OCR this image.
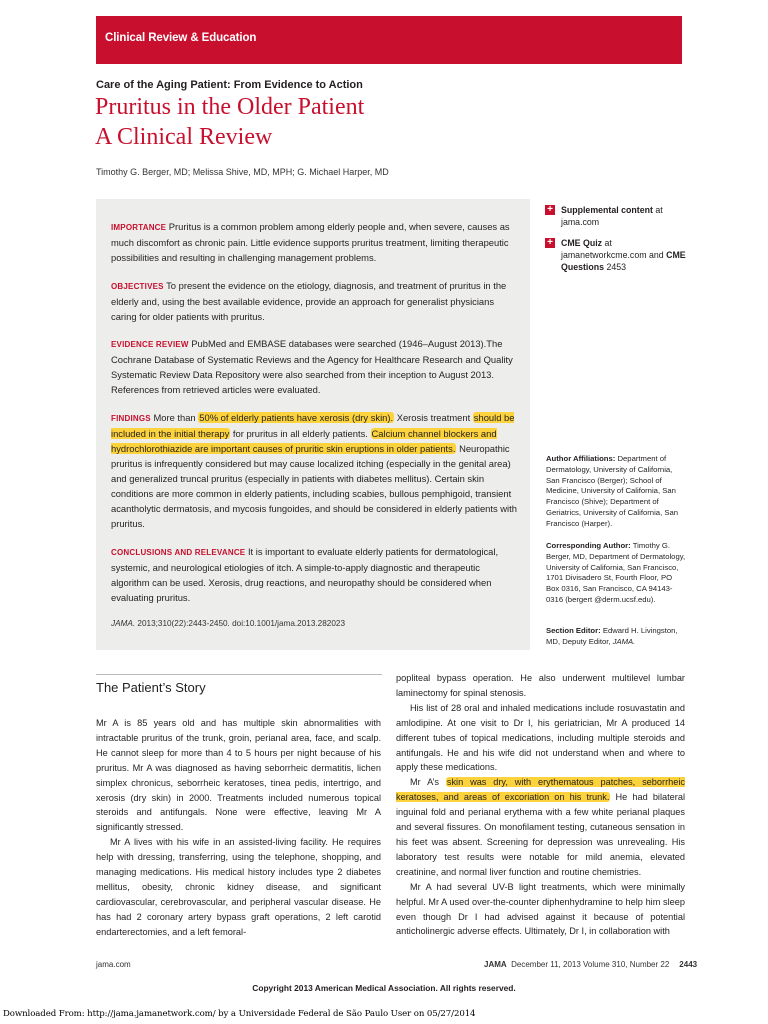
Clinical Review & Education
Care of the Aging Patient: From Evidence to Action
Pruritus in the Older Patient
A Clinical Review
Timothy G. Berger, MD; Melissa Shive, MD, MPH; G. Michael Harper, MD

IMPORTANCE Pruritus is a common problem among elderly people and, when severe, causes as much discomfort as chronic pain. Little evidence supports pruritus treatment, limiting therapeutic possibilities and resulting in challenging management problems.

OBJECTIVES To present the evidence on the etiology, diagnosis, and treatment of pruritus in the elderly and, using the best available evidence, provide an approach for generalist physicians caring for older patients with pruritus.

EVIDENCE REVIEW PubMed and EMBASE databases were searched (1946–August 2013).The Cochrane Database of Systematic Reviews and the Agency for Healthcare Research and Quality Systematic Review Data Repository were also searched from their inception to August 2013. References from retrieved articles were evaluated.

FINDINGS More than 50% of elderly patients have xerosis (dry skin). Xerosis treatment should be included in the initial therapy for pruritus in all elderly patients. Calcium channel blockers and hydrochlorothiazide are important causes of pruritic skin eruptions in older patients. Neuropathic pruritus is infrequently considered but may cause localized itching (especially in the genital area) and generalized truncal pruritus (especially in patients with diabetes mellitus). Certain skin conditions are more common in elderly patients, including scabies, bullous pemphigoid, transient acantholytic dermatosis, and mycosis fungoides, and should be considered in elderly patients with pruritus.

CONCLUSIONS AND RELEVANCE It is important to evaluate elderly patients for dermatological, systemic, and neurological etiologies of itch. A simple-to-apply diagnostic and therapeutic algorithm can be used. Xerosis, drug reactions, and neuropathy should be considered when evaluating pruritus.

JAMA. 2013;310(22):2443-2450. doi:10.1001/jama.2013.282023
+ Supplemental content at jama.com
+ CME Quiz at jamanetworkcme.com and CME Questions 2453

Author Affiliations: Department of Dermatology, University of California, San Francisco (Berger); School of Medicine, University of California, San Francisco (Shive); Department of Geriatrics, University of California, San Francisco (Harper).

Corresponding Author: Timothy G. Berger, MD, Department of Dermatology, University of California, San Francisco, 1701 Divisadero St, Fourth Floor, PO Box 0316, San Francisco, CA 94143-0316 (bergert @derm.ucsf.edu).

Section Editor: Edward H. Livingston, MD, Deputy Editor, JAMA.

The Patient’s Story

Mr A is 85 years old and has multiple skin abnormalities with intractable pruritus of the trunk, groin, perianal area, face, and scalp. He cannot sleep for more than 4 to 5 hours per night because of his pruritus. Mr A was diagnosed as having seborrheic dermatitis, lichen simplex chronicus, seborrheic keratoses, tinea pedis, intertrigo, and xerosis (dry skin) in 2000. Treatments included numerous topical steroids and antifungals. None were effective, leaving Mr A significantly stressed.

Mr A lives with his wife in an assisted-living facility. He requires help with dressing, transferring, using the telephone, shopping, and managing medications. His medical history includes type 2 diabetes mellitus, obesity, chronic kidney disease, and significant cardiovascular, cerebrovascular, and peripheral vascular disease. He has had 2 coronary artery bypass graft operations, 2 left carotid endarterectomies, and a left femoral-

popliteal bypass operation. He also underwent multilevel lumbar laminectomy for spinal stenosis.

His list of 28 oral and inhaled medications include rosuvastatin and amlodipine. At one visit to Dr I, his geriatrician, Mr A produced 14 different tubes of topical medications, including multiple steroids and antifungals. He and his wife did not understand when and where to apply these medications.

Mr A’s skin was dry, with erythematous patches, seborrheic keratoses, and areas of excoriation on his trunk. He had bilateral inguinal fold and perianal erythema with a few white perianal plaques and several fissures. On monofilament testing, cutaneous sensation in his feet was absent. Screening for depression was unrevealing. His laboratory test results were notable for mild anemia, elevated creatinine, and normal liver function and routine chemistries.

Mr A had several UV-B light treatments, which were minimally helpful. Mr A used over-the-counter diphenhydramine to help him sleep even though Dr I had advised against it because of potential anticholinergic adverse effects. Ultimately, Dr I, in collaboration with

jama.com	JAMA December 11, 2013 Volume 310, Number 22 2443
Copyright 2013 American Medical Association. All rights reserved.
Downloaded From: http://jama.jamanetwork.com/ by a Universidade Federal de São Paulo User on 05/27/2014
